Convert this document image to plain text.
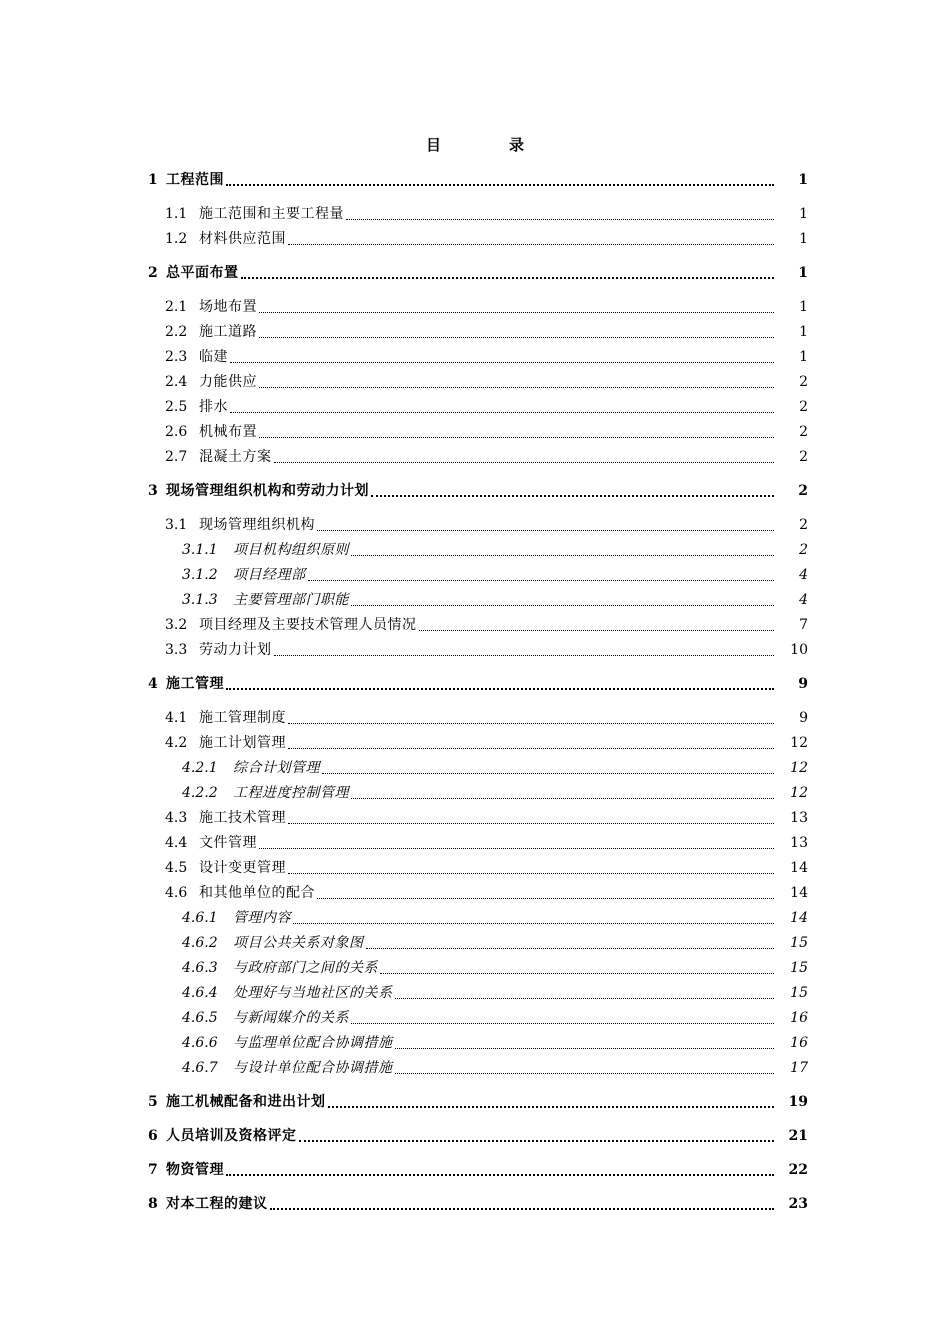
目	录
1 工程范围	1
1.1 施工范围和主要工程量	1
1.2 材料供应范围	1
2 总平面布置	1
2.1 场地布置	1
2.2 施工道路	1
2.3 临建	1
2.4 力能供应	2
2.5 排水	2
2.6 机械布置	2
2.7 混凝土方案	2
3 现场管理组织机构和劳动力计划	2
3.1 现场管理组织机构	2
3.1.1	项目机构组织原则	2
3.1.2	项目经理部	4
3.1.3	主要管理部门职能	4
3.2 项目经理及主要技术管理人员情况	7
3.3 劳动力计划	10
4 施工管理	9
4.1 施工管理制度	9
4.2 施工计划管理	12
4.2.1	综合计划管理	12
4.2.2	工程进度控制管理	12
4.3 施工技术管理	13
4.4 文件管理	13
4.5 设计变更管理	14
4.6 和其他单位的配合	14
4.6.1	管理内容	14
4.6.2	项目公共关系对象图	15
4.6.3	与政府部门之间的关系	15
4.6.4	处理好与当地社区的关系	15
4.6.5	与新闻媒介的关系	16
4.6.6	与监理单位配合协调措施	16
4.6.7	与设计单位配合协调措施	17
5 施工机械配备和进出计划	19
6 人员培训及资格评定	21
7 物资管理	22
8 对本工程的建议	23
